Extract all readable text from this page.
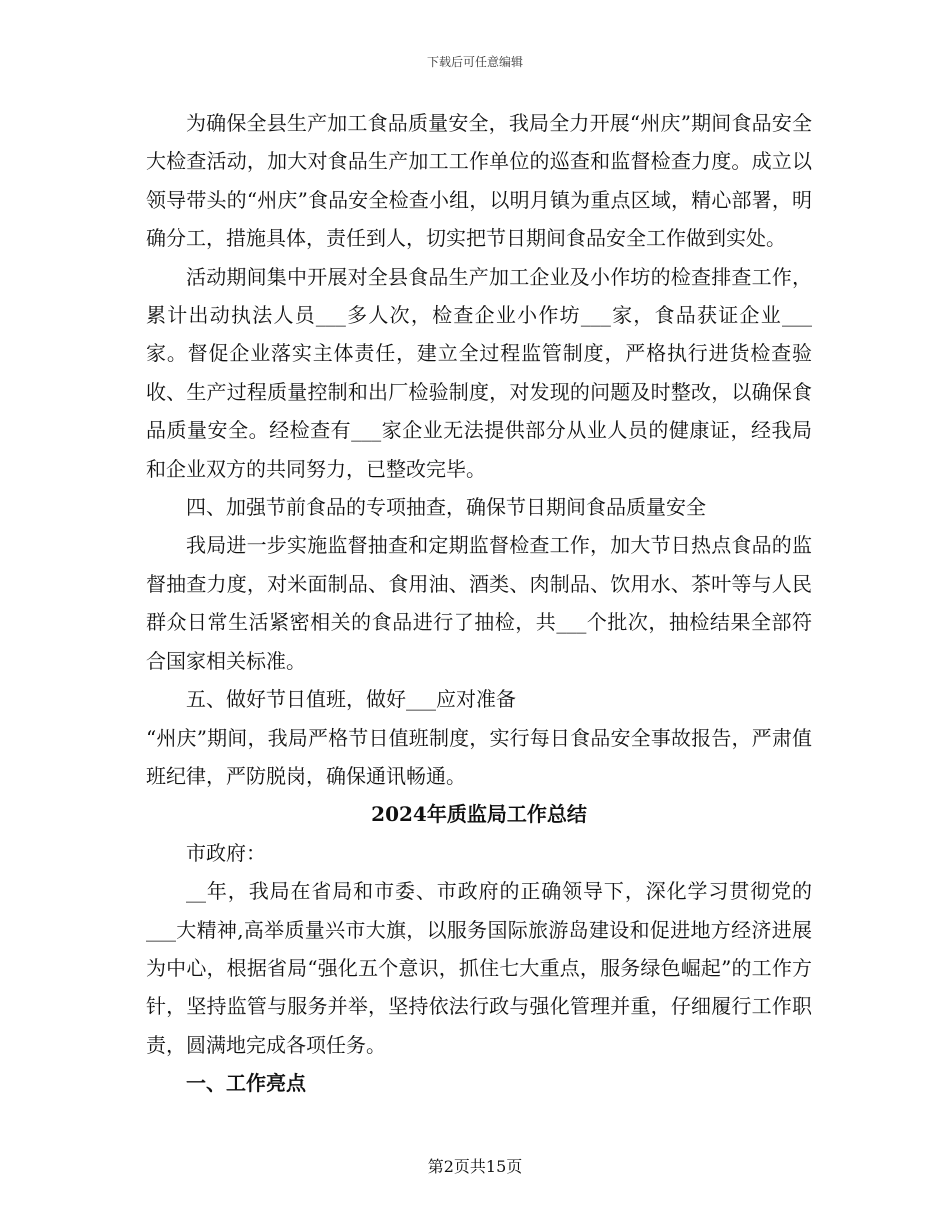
下载后可任意编辑

为确保全县生产加工食品质量安全，我局全力开展“州庆”期间食品安全大检查活动，加大对食品生产加工工作单位的巡查和监督检查力度。成立以领导带头的“州庆”食品安全检查小组，以明月镇为重点区域，精心部署，明确分工，措施具体，责任到人，切实把节日期间食品安全工作做到实处。

活动期间集中开展对全县食品生产加工企业及小作坊的检查排查工作，累计出动执法人员___多人次，检查企业小作坊___家，食品获证企业___家。督促企业落实主体责任，建立全过程监管制度，严格执行进货检查验收、生产过程质量控制和出厂检验制度，对发现的问题及时整改，以确保食品质量安全。经检查有___家企业无法提供部分从业人员的健康证，经我局和企业双方的共同努力，已整改完毕。

四、加强节前食品的专项抽查，确保节日期间食品质量安全

我局进一步实施监督抽查和定期监督检查工作，加大节日热点食品的监督抽查力度，对米面制品、食用油、酒类、肉制品、饮用水、茶叶等与人民群众日常生活紧密相关的食品进行了抽检，共___个批次，抽检结果全部符合国家相关标准。

五、做好节日值班，做好___应对准备

“州庆”期间，我局严格节日值班制度，实行每日食品安全事故报告，严肃值班纪律，严防脱岗，确保通讯畅通。

2024年质监局工作总结

市政府：

__年，我局在省局和市委、市政府的正确领导下，深化学习贯彻党的___大精神,高举质量兴市大旗，以服务国际旅游岛建设和促进地方经济进展为中心，根据省局“强化五个意识，抓住七大重点，服务绿色崛起”的工作方针，坚持监管与服务并举，坚持依法行政与强化管理并重，仔细履行工作职责，圆满地完成各项任务。

一、工作亮点

第2页共15页
